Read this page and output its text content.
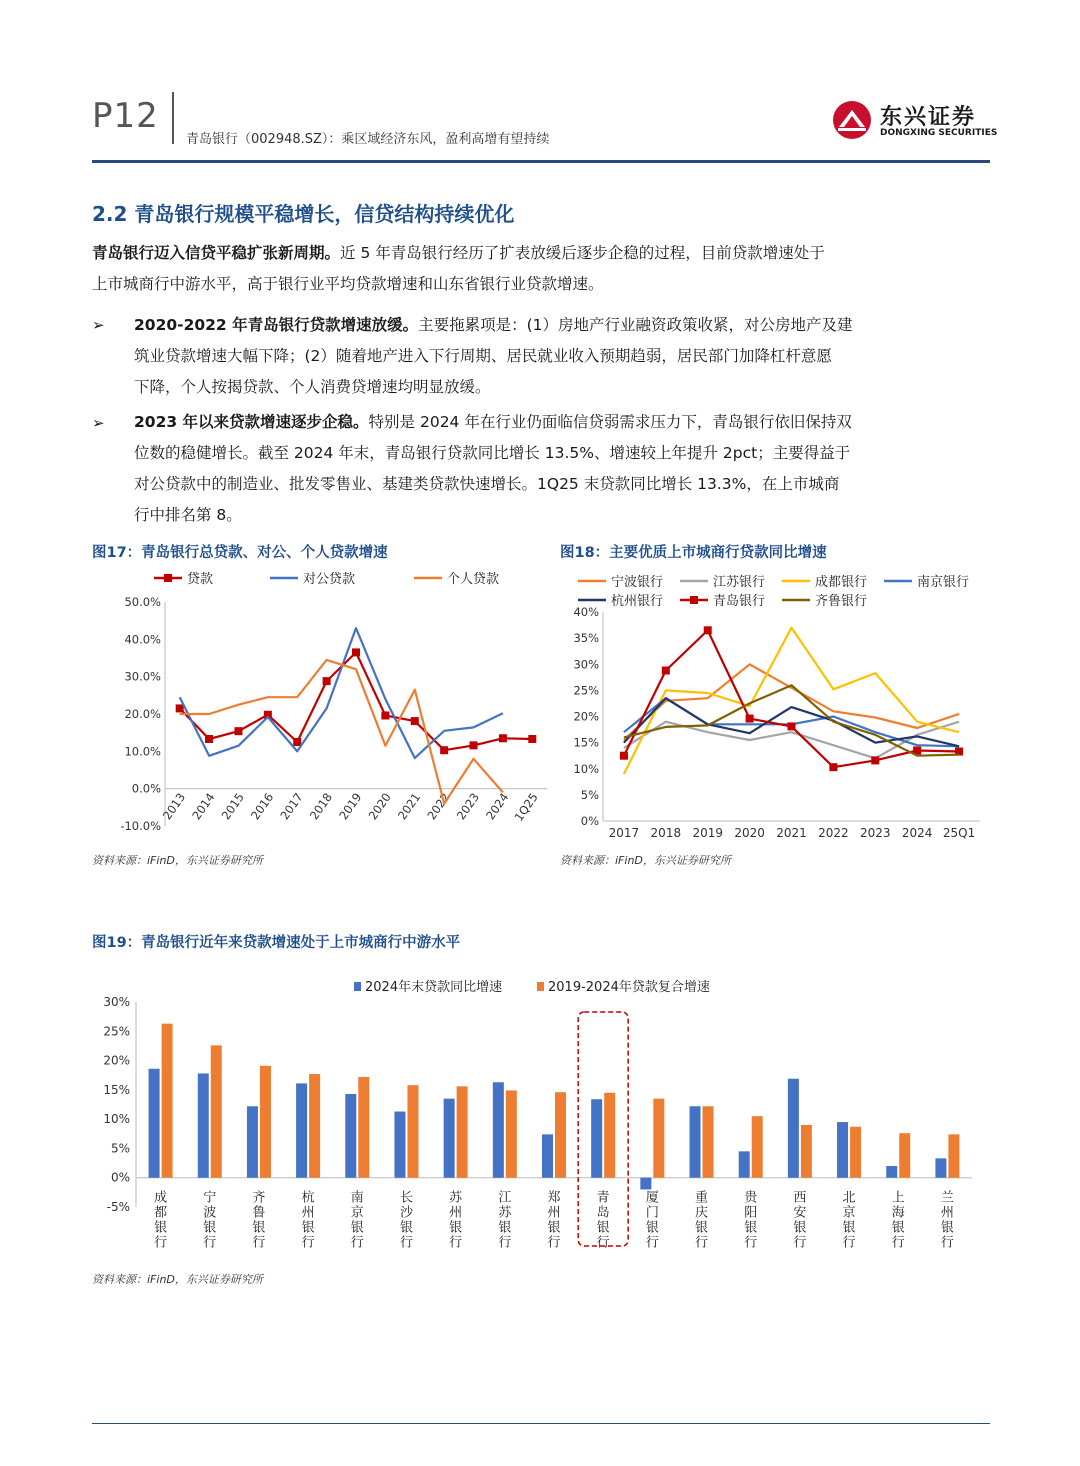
P12
青岛银行（002948.SZ）：乘区域经济东风，盈利高增有望持续
东兴证券
DONGXING SECURITIES
2.2 青岛银行规模平稳增长，信贷结构持续优化
青岛银行迈入信贷平稳扩张新周期。近 5 年青岛银行经历了扩表放缓后逐步企稳的过程，目前贷款增速处于
上市城商行中游水平，高于银行业平均贷款增速和山东省银行业贷款增速。
➢ 2020-2022 年青岛银行贷款增速放缓。主要拖累项是：(1）房地产行业融资政策收紧，对公房地产及建
筑业贷款增速大幅下降；(2）随着地产进入下行周期、居民就业收入预期趋弱，居民部门加降杠杆意愿
下降，个人按揭贷款、个人消费贷增速均明显放缓。
➢ 2023 年以来贷款增速逐步企稳。特别是 2024 年在行业仍面临信贷弱需求压力下，青岛银行依旧保持双
位数的稳健增长。截至 2024 年末，青岛银行贷款同比增长 13.5%、增速较上年提升 2pct；主要得益于
对公贷款中的制造业、批发零售业、基建类贷款快速增长。1Q25 末贷款同比增长 13.3%，在上市城商
行中排名第 8。
图17：青岛银行总贷款、对公、个人贷款增速
-10.0%
0.0%
10.0%
20.0%
30.0%
40.0%
50.0%
2013 2014 2015 2016 2017 2018 2019 2020 2021 2022 2023 2024 1Q25
贷款	对公贷款	个人贷款
资料来源：iFinD，东兴证券研究所
图18：主要优质上市城商行贷款同比增速
0%
5%
10%
15%
20%
25%
30%
35%
40%
2017 2018 2019 2020 2021 2022 2023 2024 25Q1
宁波银行	江苏银行	成都银行	南京银行
杭州银行	青岛银行	齐鲁银行
资料来源：iFinD，东兴证券研究所
图19：青岛银行近年来贷款增速处于上市城商行中游水平
-5%
0%
5%
10%
15%
20%
25%
30%
成都银行
宁波银行
齐鲁银行
杭州银行
南京银行
长沙银行
苏州银行
江苏银行
郑州银行
青岛银行
厦门银行
重庆银行
贵阳银行
西安银行
北京银行
上海银行
兰州银行
2024年末贷款同比增速	2019-2024年贷款复合增速
资料来源：iFinD，东兴证券研究所
